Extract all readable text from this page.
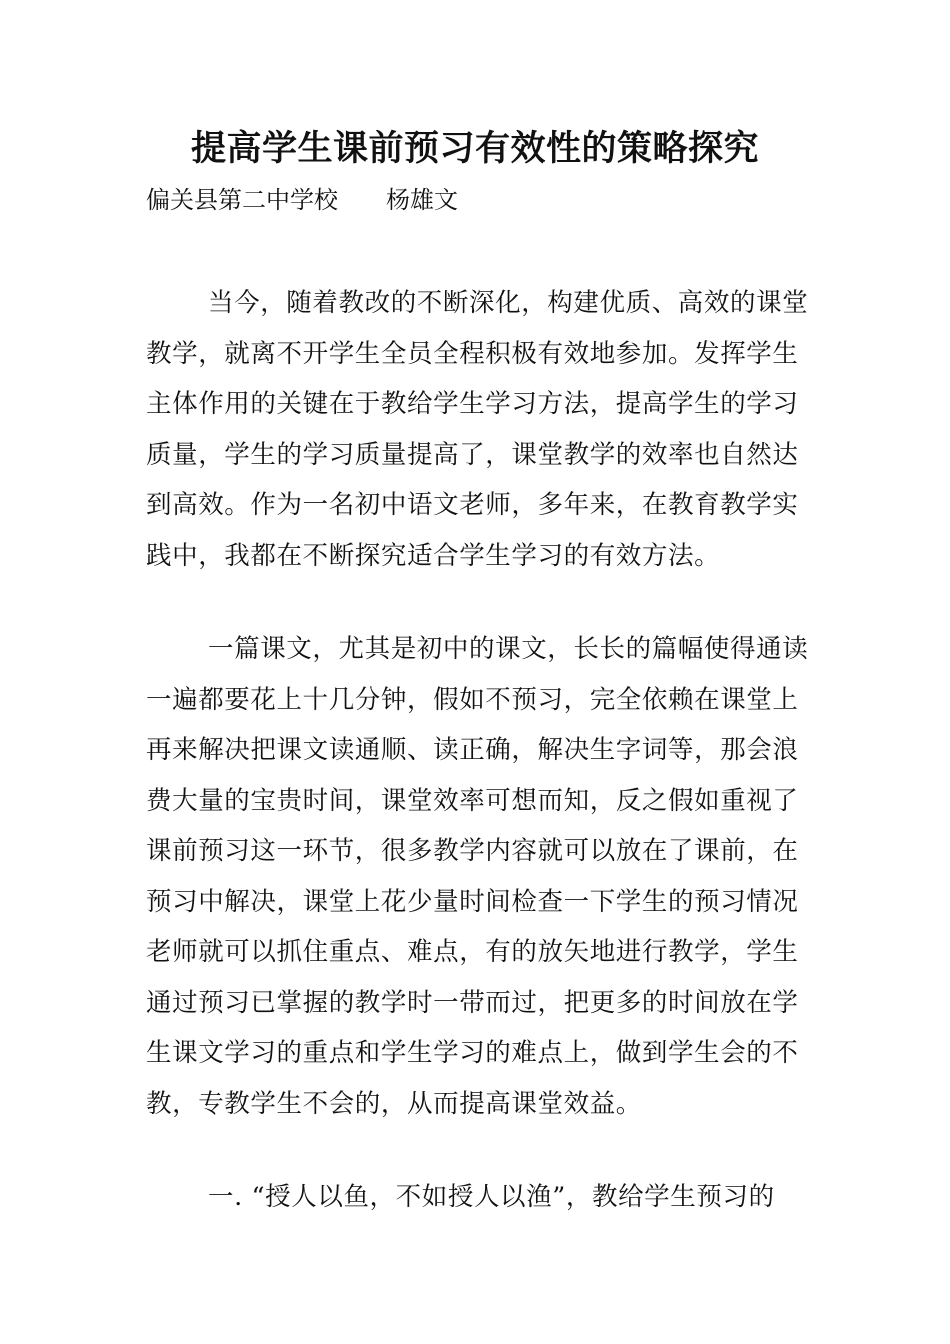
提高学生课前预习有效性的策略探究
偏关县第二中学校　　杨雄文
当今，随着教改的不断深化，构建优质、高效的课堂
教学，就离不开学生全员全程积极有效地参加。发挥学生
主体作用的关键在于教给学生学习方法，提高学生的学习
质量，学生的学习质量提高了，课堂教学的效率也自然达
到高效。作为一名初中语文老师，多年来，在教育教学实
践中，我都在不断探究适合学生学习的有效方法。
一篇课文，尤其是初中的课文，长长的篇幅使得通读
一遍都要花上十几分钟，假如不预习，完全依赖在课堂上
再来解决把课文读通顺、读正确，解决生字词等，那会浪
费大量的宝贵时间，课堂效率可想而知，反之假如重视了
课前预习这一环节，很多教学内容就可以放在了课前，在
预习中解决，课堂上花少量时间检查一下学生的预习情况
老师就可以抓住重点、难点，有的放矢地进行教学，学生
通过预习已掌握的教学时一带而过，把更多的时间放在学
生课文学习的重点和学生学习的难点上，做到学生会的不
教，专教学生不会的，从而提高课堂效益。
一. “授人以鱼，不如授人以渔”，教给学生预习的
